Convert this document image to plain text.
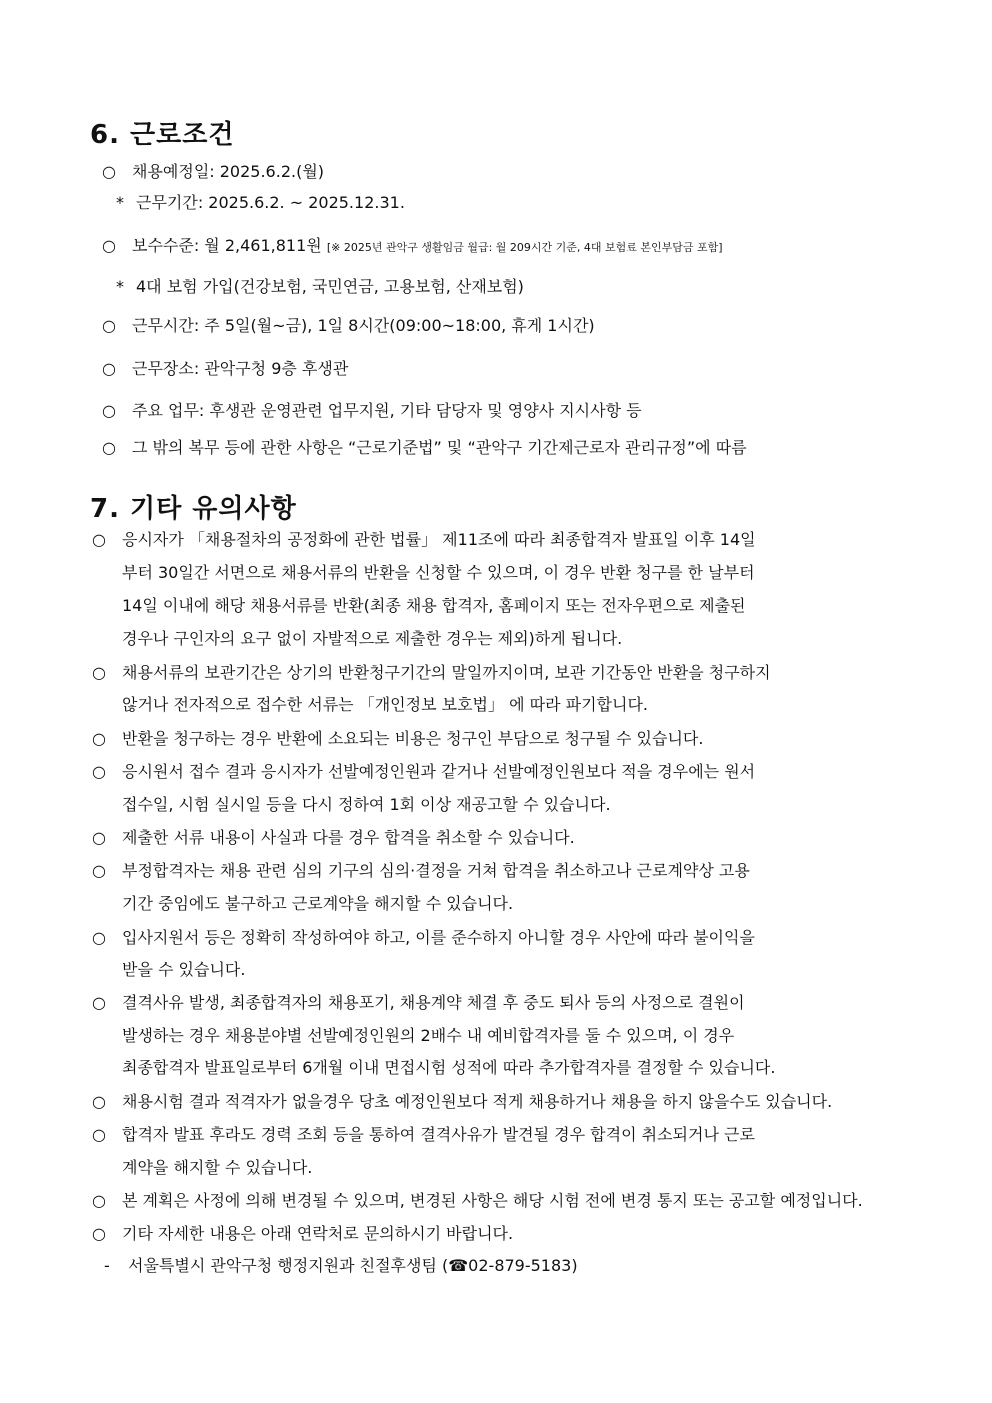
6. 근로조건
○ 채용예정일: 2025.6.2.(월)
* 근무기간: 2025.6.2. ~ 2025.12.31.
○ 보수수준: 월 2,461,811원 [※ 2025년 관악구 생활임금 월급: 월 209시간 기준, 4대 보험료 본인부담금 포함]
* 4대 보험 가입(건강보험, 국민연금, 고용보험, 산재보험)
○ 근무시간: 주 5일(월~금), 1일 8시간(09:00~18:00, 휴게 1시간)
○ 근무장소: 관악구청 9층 후생관
○ 주요 업무: 후생관 운영관련 업무지원, 기타 담당자 및 영양사 지시사항 등
○ 그 밖의 복무 등에 관한 사항은 “근로기준법” 및 “관악구 기간제근로자 관리규정”에 따름
7. 기타 유의사항
○ 응시자가 「채용절차의 공정화에 관한 법률」 제11조에 따라 최종합격자 발표일 이후 14일
부터 30일간 서면으로 채용서류의 반환을 신청할 수 있으며, 이 경우 반환 청구를 한 날부터
14일 이내에 해당 채용서류를 반환(최종 채용 합격자, 홈페이지 또는 전자우편으로 제출된
경우나 구인자의 요구 없이 자발적으로 제출한 경우는 제외)하게 됩니다.
○ 채용서류의 보관기간은 상기의 반환청구기간의 말일까지이며, 보관 기간동안 반환을 청구하지
않거나 전자적으로 접수한 서류는 「개인정보 보호법」 에 따라 파기합니다.
○ 반환을 청구하는 경우 반환에 소요되는 비용은 청구인 부담으로 청구될 수 있습니다.
○ 응시원서 접수 결과 응시자가 선발예정인원과 같거나 선발예정인원보다 적을 경우에는 원서
접수일, 시험 실시일 등을 다시 정하여 1회 이상 재공고할 수 있습니다.
○ 제출한 서류 내용이 사실과 다를 경우 합격을 취소할 수 있습니다.
○ 부정합격자는 채용 관련 심의 기구의 심의·결정을 거쳐 합격을 취소하고나 근로계약상 고용
기간 중임에도 불구하고 근로계약을 해지할 수 있습니다.
○ 입사지원서 등은 정확히 작성하여야 하고, 이를 준수하지 아니할 경우 사안에 따라 불이익을
받을 수 있습니다.
○ 결격사유 발생, 최종합격자의 채용포기, 채용계약 체결 후 중도 퇴사 등의 사정으로 결원이
발생하는 경우 채용분야별 선발예정인원의 2배수 내 예비합격자를 둘 수 있으며, 이 경우
최종합격자 발표일로부터 6개월 이내 면접시험 성적에 따라 추가합격자를 결정할 수 있습니다.
○ 채용시험 결과 적격자가 없을경우 당초 예정인원보다 적게 채용하거나 채용을 하지 않을수도 있습니다.
○ 합격자 발표 후라도 경력 조회 등을 통하여 결격사유가 발견될 경우 합격이 취소되거나 근로
계약을 해지할 수 있습니다.
○ 본 계획은 사정에 의해 변경될 수 있으며, 변경된 사항은 해당 시험 전에 변경 통지 또는 공고할 예정입니다.
○ 기타 자세한 내용은 아래 연락처로 문의하시기 바랍니다.
- 서울특별시 관악구청 행정지원과 친절후생팀 (☎02-879-5183)
